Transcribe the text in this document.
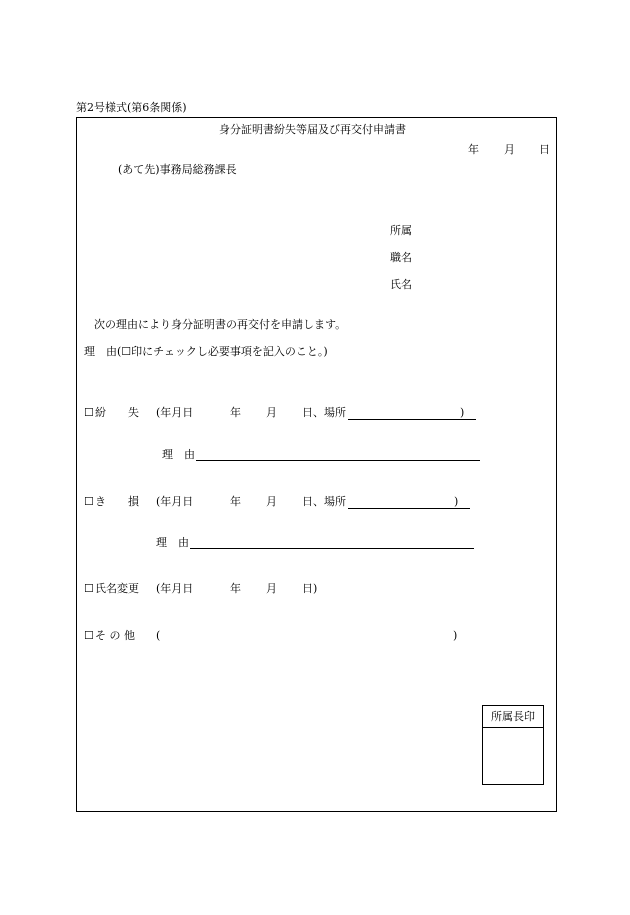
第2号様式(第6条関係)
身分証明書紛失等届及び再交付申請書
年 月 日
(あて先)事務局総務課長
所属
職名
氏名
次の理由により身分証明書の再交付を申請します。
理　由(☐印にチェックし必要事項を記入のこと。)
☐ 紛　　失 (年月日	年 月 日、場所	)
理　由
☐ き　　損 (年月日	年 月 日、場所	)
理　由
☐ 氏名変更 (年月日	年 月 日)
☐ そ の 他 (	)
所属長印
